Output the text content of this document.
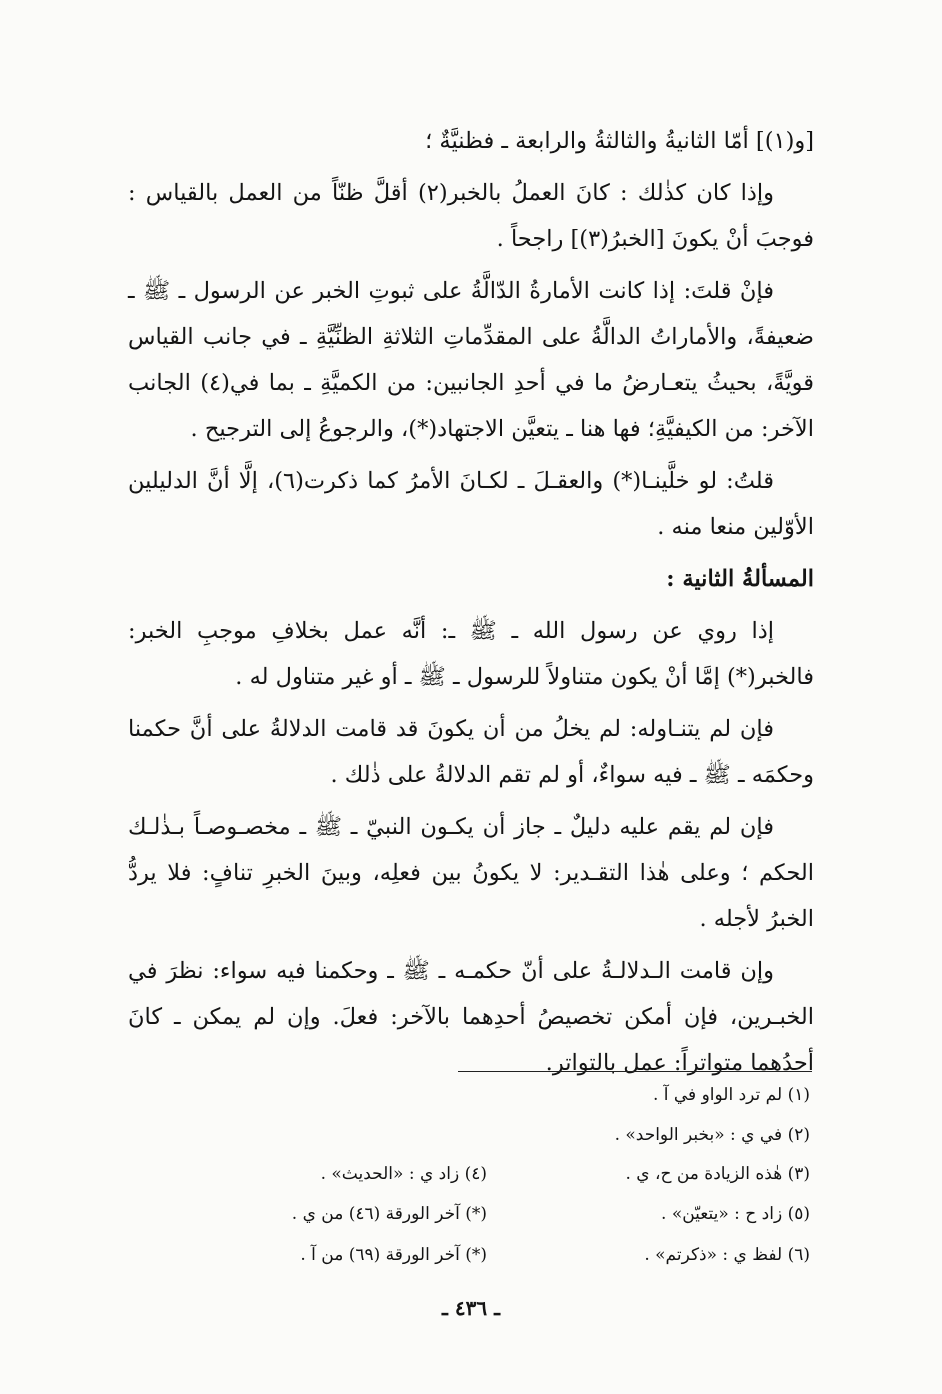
[و(١)] أمّا الثانيةُ والثالثةُ والرابعة ـ فظنيَّةٌ ؛

وإذا كان كذٰلك : كانَ العملُ بالخبر(٢) أقلَّ ظنّاً من العمل بالقياس : فوجبَ أنْ يكونَ [الخبرُ(٣)] راجحاً .

فإنْ قلتَ: إذا كانت الأمارةُ الدّالَّةُ على ثبوتِ الخبر عن الرسول ـ ﷺ ـ ضعيفةً، والأماراتُ الدالَّةُ على المقدِّماتِ الثلاثةِ الظنِّيَّةِ ـ في جانب القياس قويَّةً، بحيثُ يتعـارضُ ما في أحدِ الجانبين: من الكميَّةِ ـ بما في(٤) الجانب الآخر: من الكيفيَّةِ؛ فها هنا ـ يتعيَّن الاجتهاد(*)، والرجوعُ إلى الترجيح .

قلتُ: لو خلَّينـا(*) والعقـلَ ـ لكـانَ الأمرُ كما ذكرت(٦)، إلَّا أنَّ الدليلين الأوّلين منعا منه .

المسألةُ الثانية :

إذا روي عن رسول الله ـ ﷺ ـ: أنَّه عمل بخلافِ موجبِ الخبر: فالخبر(*) إمَّا أنْ يكون متناولاً للرسول ـ ﷺ ـ أو غير متناول له .

فإن لم يتنـاوله: لم يخلُ من أن يكونَ قد قامت الدلالةُ على أنَّ حكمنا وحكمَه ـ ﷺ ـ فيه سواءٌ، أو لم تقم الدلالةُ على ذٰلك .

فإن لم يقم عليه دليلٌ ـ جاز أن يكـون النبيّ ـ ﷺ ـ مخصـوصـاً بـذٰلـك الحكم ؛ وعلى هٰذا التقـدير: لا يكونُ بين فعلِه، وبينَ الخبرِ تنافٍ: فلا يردُّ الخبرُ لأجله .

وإن قامت الـدلالـةُ على أنّ حكمـه ـ ﷺ ـ وحكمنا فيه سواء: نظرَ في الخبـرين، فإن أمكن تخصيصُ أحدِهما بالآخر: فعلَ. وإن لم يمكن ـ كانَ أحدُهما متواتراً: عمل بالتواتر.

(١) لم ترد الواو في آ .
(٢) في ي : «بخبر الواحد» .
(٣) هٰذه الزيادة من ح، ي .
(٥) زاد ح : «يتعيّن» .
(٦) لفظ ي : «ذكرتم» .
(٤) زاد ي : «الحديث» .
(*) آخر الورقة (٤٦) من ي .
(*) آخر الورقة (٦٩) من آ .
ـ ٤٣٦ ـ
